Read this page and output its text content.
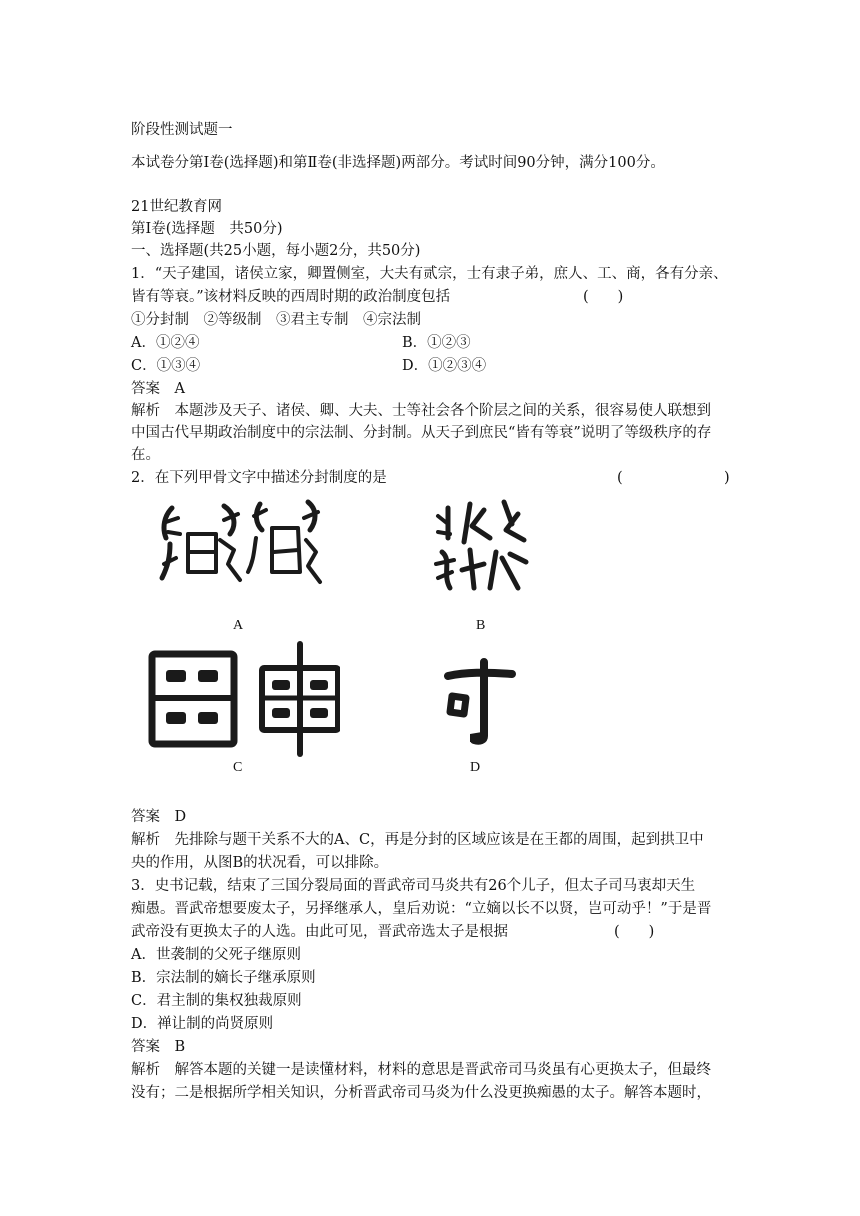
阶段性测试题一
本试卷分第Ⅰ卷(选择题)和第Ⅱ卷(非选择题)两部分。考试时间90分钟，满分100分。
21世纪教育网
第Ⅰ卷(选择题　共50分)
一、选择题(共25小题，每小题2分，共50分)
1．“天子建国，诸侯立家，卿置侧室，大夫有贰宗，士有隶子弟，庶人、工、商，各有分亲、
皆有等衰。”该材料反映的西周时期的政治制度包括	(　　)
①分封制　②等级制　③君主专制　④宗法制
A．①②④	B．①②③
C．①③④	D．①②③④
答案　A
解析　本题涉及天子、诸侯、卿、大夫、士等社会各个阶层之间的关系，很容易使人联想到
中国古代早期政治制度中的宗法制、分封制。从天子到庶民“皆有等衰”说明了等级秩序的存
在。
2．在下列甲骨文字中描述分封制度的是	(	)
A	B
C	D
答案　D
解析　先排除与题干关系不大的A、C，再是分封的区域应该是在王都的周围，起到拱卫中
央的作用，从图B的状况看，可以排除。
3．史书记载，结束了三国分裂局面的晋武帝司马炎共有26个儿子，但太子司马衷却天生
痴愚。晋武帝想要废太子，另择继承人，皇后劝说：“立嫡以长不以贤，岂可动乎！”于是晋
武帝没有更换太子的人选。由此可见，晋武帝选太子是根据	(　　)
A．世袭制的父死子继原则
B．宗法制的嫡长子继承原则
C．君主制的集权独裁原则
D．禅让制的尚贤原则
答案　B
解析　解答本题的关键一是读懂材料，材料的意思是晋武帝司马炎虽有心更换太子，但最终
没有；二是根据所学相关知识，分析晋武帝司马炎为什么没更换痴愚的太子。解答本题时，
